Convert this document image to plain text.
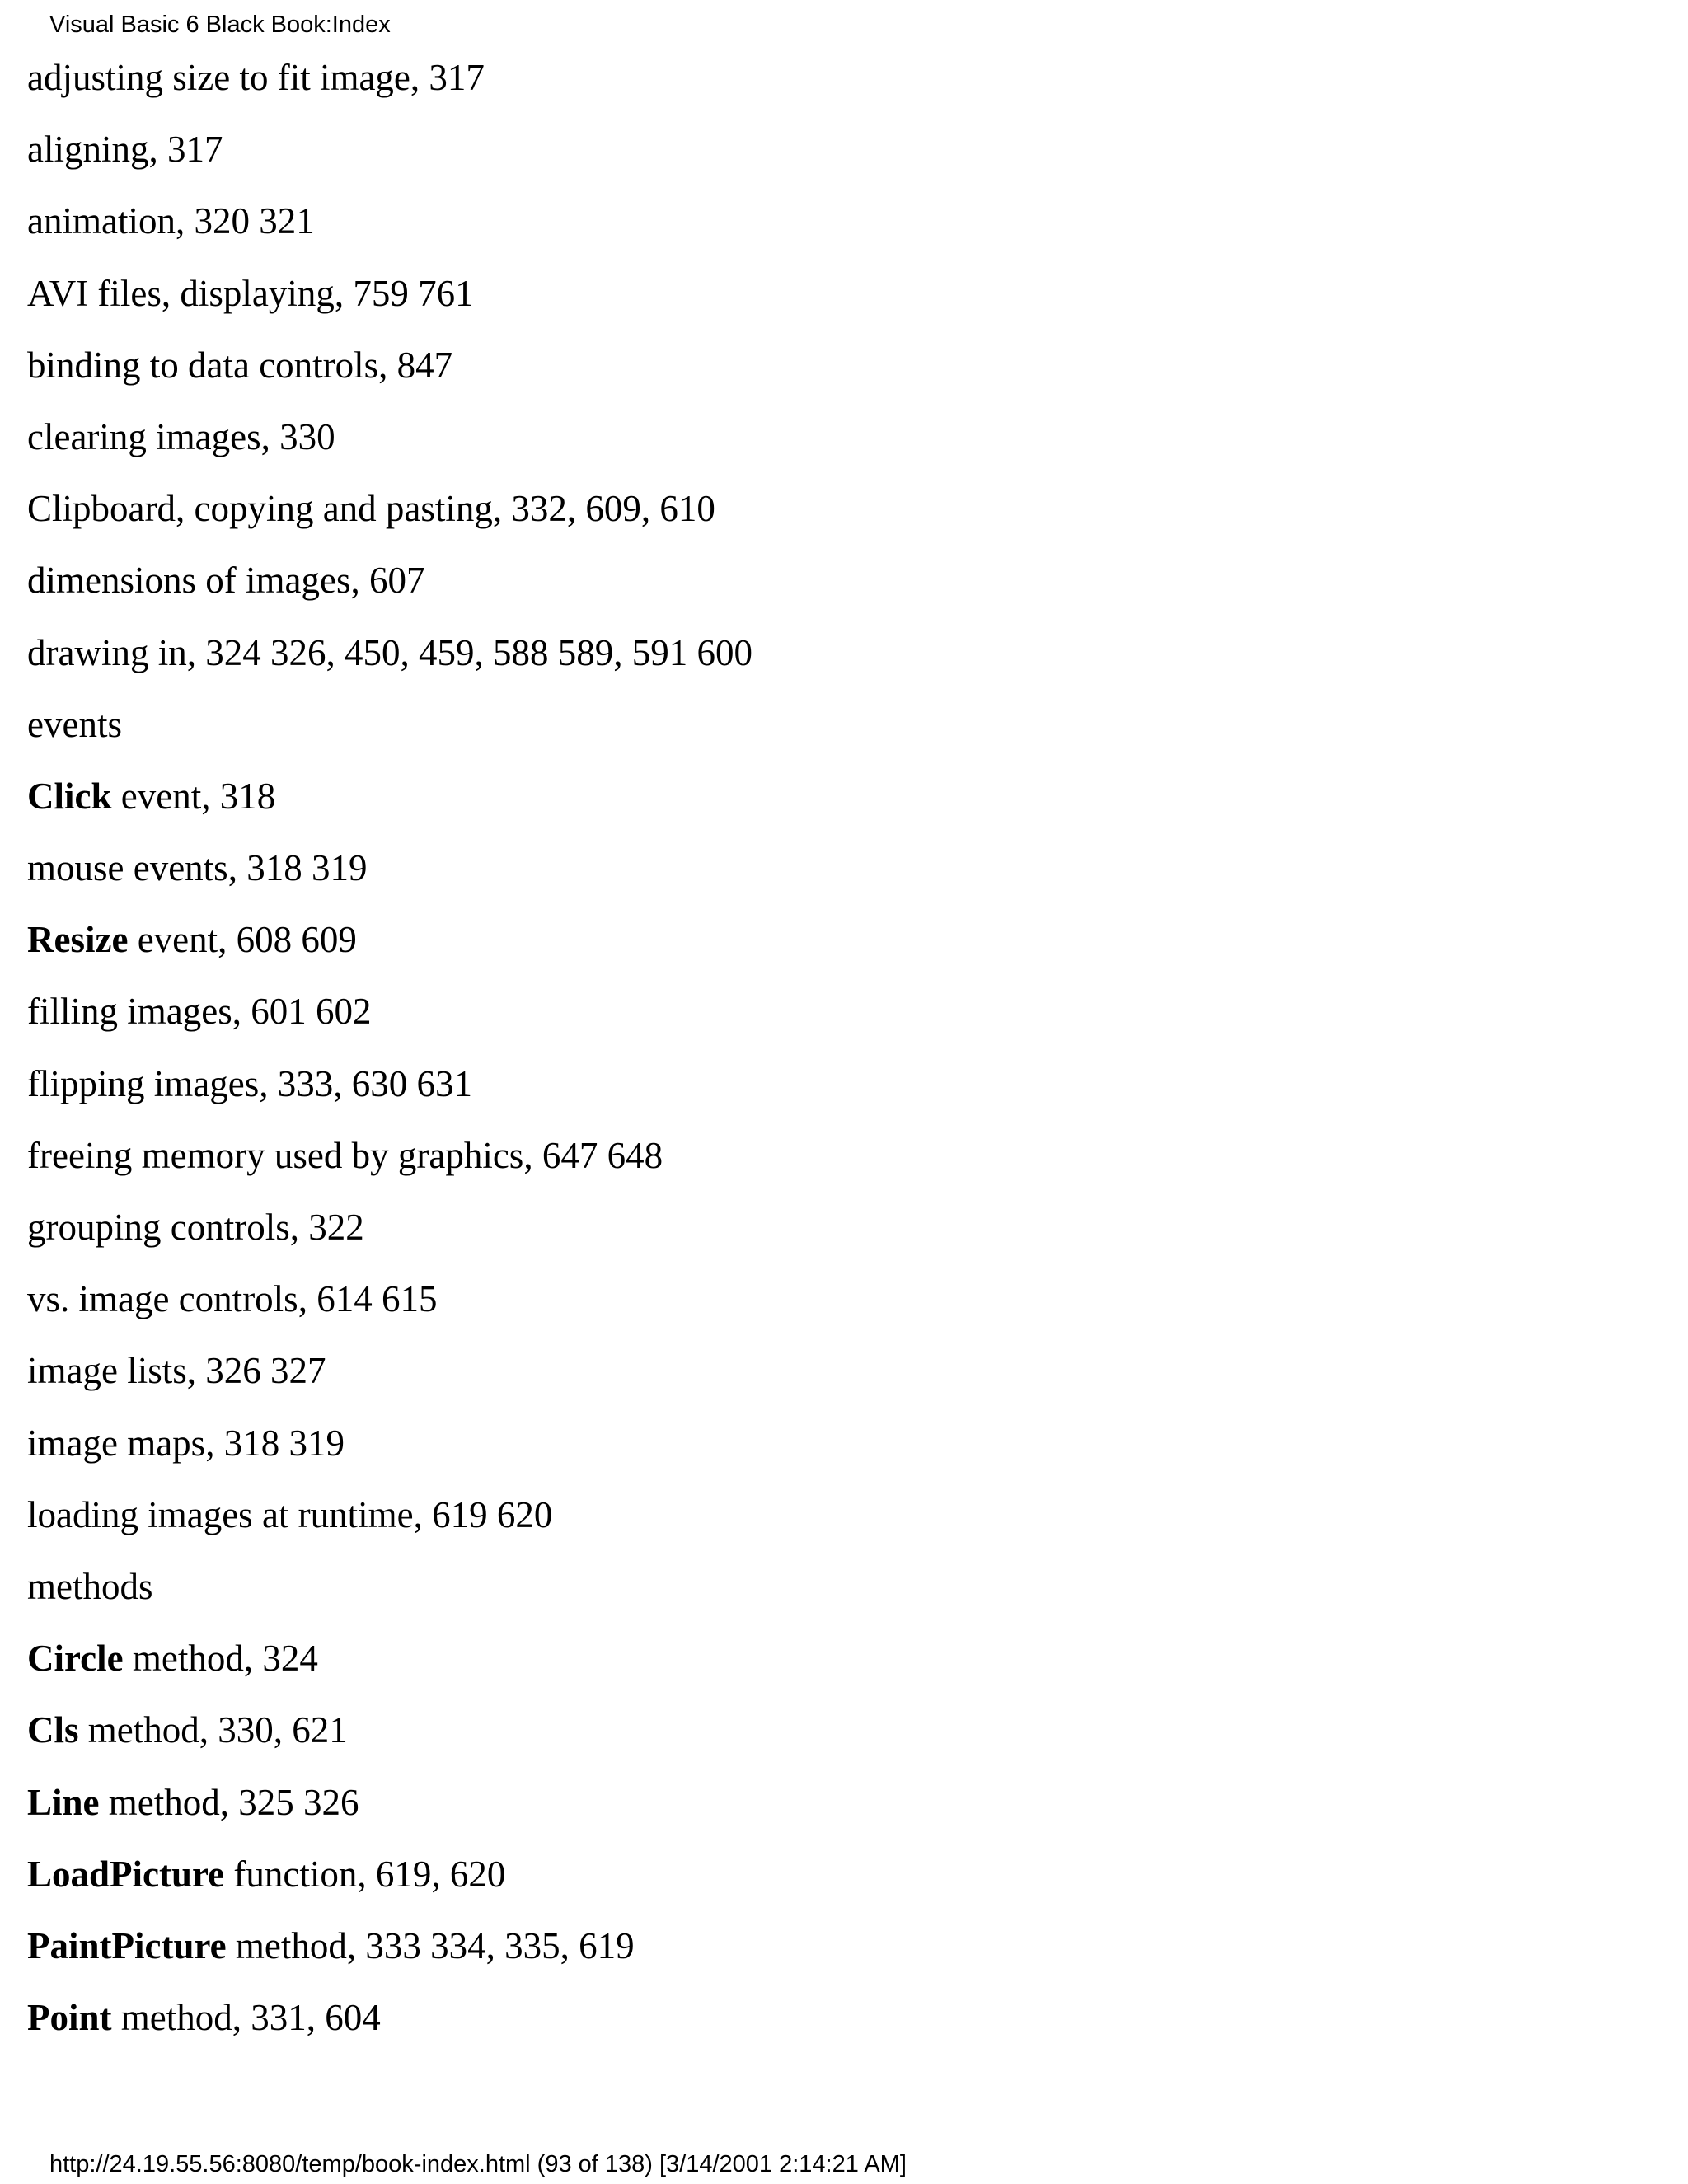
Visual Basic 6 Black Book:Index
adjusting size to fit image, 317
aligning, 317
animation, 320 321
AVI files, displaying, 759 761
binding to data controls, 847
clearing images, 330
Clipboard, copying and pasting, 332, 609, 610
dimensions of images, 607
drawing in, 324 326, 450, 459, 588 589, 591 600
events
Click event, 318
mouse events, 318 319
Resize event, 608 609
filling images, 601 602
flipping images, 333, 630 631
freeing memory used by graphics, 647 648
grouping controls, 322
vs. image controls, 614 615
image lists, 326 327
image maps, 318 319
loading images at runtime, 619 620
methods
Circle method, 324
Cls method, 330, 621
Line method, 325 326
LoadPicture function, 619, 620
PaintPicture method, 333 334, 335, 619
Point method, 331, 604
http://24.19.55.56:8080/temp/book-index.html (93 of 138) [3/14/2001 2:14:21 AM]
